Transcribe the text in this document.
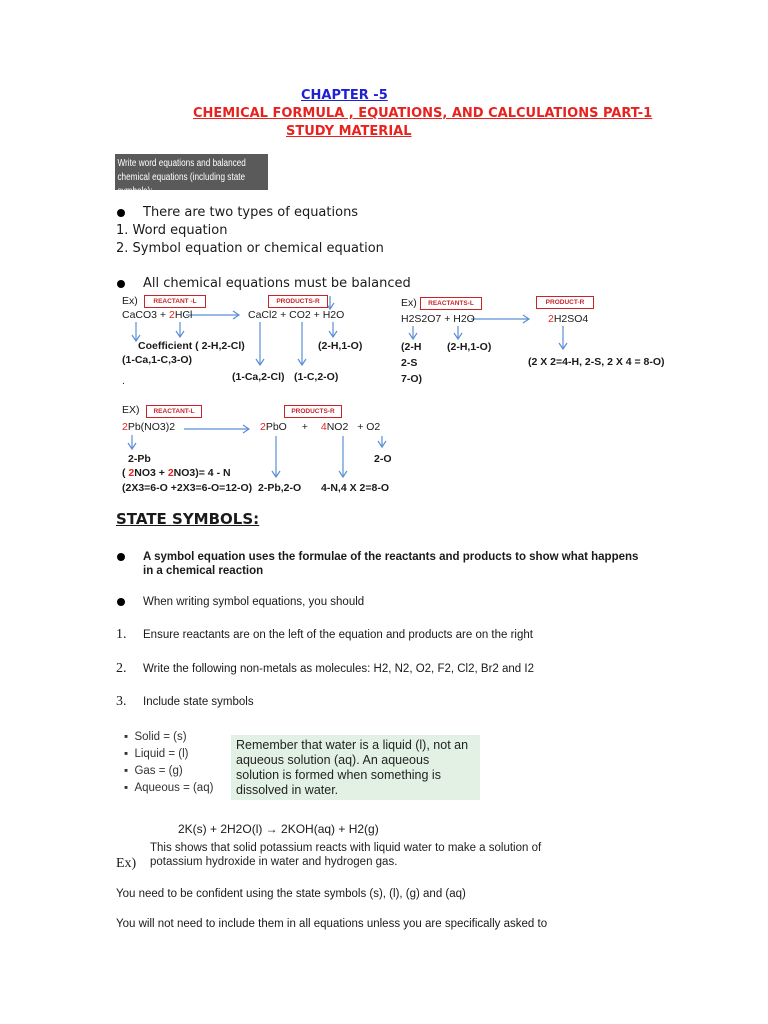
CHAPTER -5
CHEMICAL FORMULA , EQUATIONS, AND CALCULATIONS PART-1
STUDY MATERIAL
Write word equations and balanced chemical equations (including state symbols):
There are two types of equations
1. Word equation
2. Symbol equation or chemical equation
All chemical equations must be balanced
Ex)	REACTANT -L	PRODUCTS-R
CaCO3 + 2HCl	CaCl2 + CO2 + H2O
Coefficient ( 2-H,2-Cl)
(1-Ca,1-C,3-O)
(2-H,1-O)
(1-Ca,2-Cl) (1-C,2-O)
.
Ex)	REACTANTS-L	PRODUCT-R
H2S2O7 + H2O	2H2SO4
(2-H
2-S
7-O)
(2-H,1-O)
(2 X 2=4-H, 2-S, 2 X 4 = 8-O)
EX)	REACTANT-L	PRODUCTS-R
2Pb(NO3)2	2PbO + 4NO2 + O2
2-Pb
( 2NO3 + 2NO3)= 4 - N
(2X3=6-O +2X3=6-O=12-O)
2-O
2-Pb,2-O 4-N,4 X 2=8-O
STATE SYMBOLS:
A symbol equation uses the formulae of the reactants and products to show what happens in a chemical reaction
When writing symbol equations, you should
1. Ensure reactants are on the left of the equation and products are on the right
2. Write the following non-metals as molecules: H2, N2, O2, F2, Cl2, Br2 and I2
3. Include state symbols
▪  Solid = (s)
▪  Liquid = (l)
▪  Gas = (g)
▪  Aqueous = (aq)
Remember that water is a liquid (l), not an aqueous solution (aq). An aqueous solution is formed when something is dissolved in water.
2K(s) + 2H2O(l) → 2KOH(aq) + H2(g)
This shows that solid potassium reacts with liquid water to make a solution of potassium hydroxide in water and hydrogen gas.
Ex)
You need to be confident using the state symbols (s), (l), (g) and (aq)
You will not need to include them in all equations unless you are specifically asked to
